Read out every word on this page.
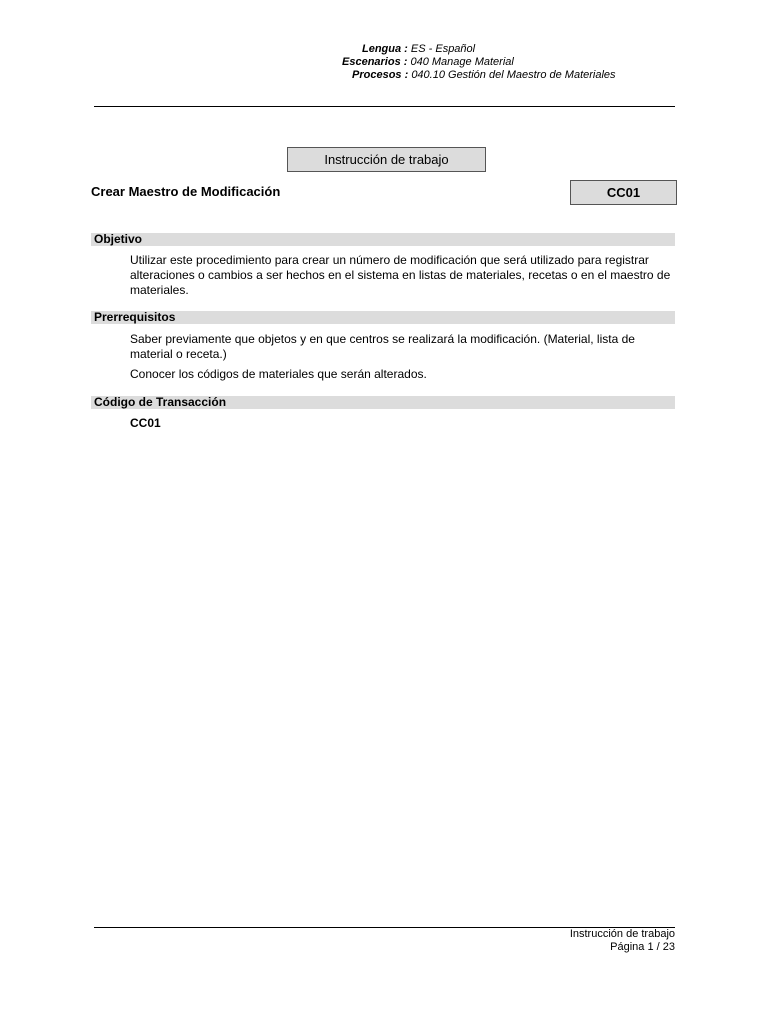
Lengua : ES - Español
Escenarios : 040 Manage Material
Procesos : 040.10 Gestión del Maestro de Materiales
Instrucción de trabajo
Crear Maestro de Modificación	CC01
Objetivo
Utilizar este procedimiento para crear un número de modificación que será utilizado para registrar alteraciones o cambios a ser hechos en el sistema en listas de materiales, recetas o en el maestro de materiales.
Prerrequisitos
Saber previamente que objetos y en que centros se realizará la modificación. (Material, lista de material o receta.)
Conocer los códigos de materiales que serán alterados.
Código de Transacción
CC01
Instrucción de trabajo
Página 1 / 23
